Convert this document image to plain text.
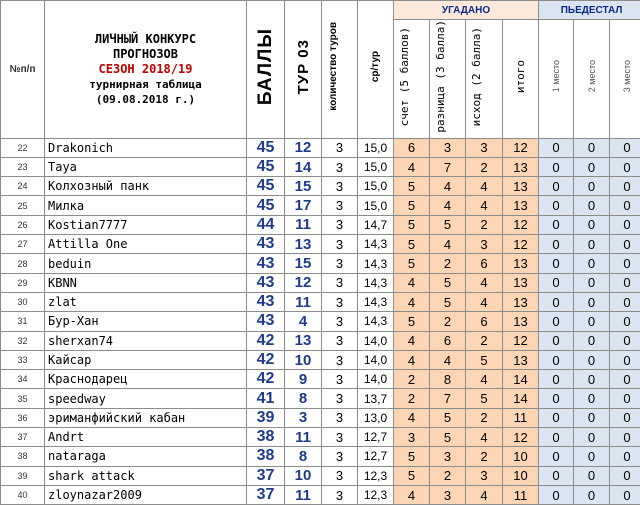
№п/п	ЛИЧНЫЙ КОНКУРС
ПРОГНОЗОВ
СЕЗОН 2018/19
турнирная таблица
(09.08.2018 г.)	БАЛЛЫ	ТУР 03	количество туров	ср/тур	УГАДАНО				ПЬЕДЕСТАЛ		
						счет (5 баллов)	разница (3 балла)	исход (2 балла)	итого	1 место	2 место	3 место
22	Drakonich	45	12	3	15,0	6	3	3	12	0	0	0
23	Taya	45	14	3	15,0	4	7	2	13	0	0	0
24	Колхозный панк	45	15	3	15,0	5	4	4	13	0	0	0
25	Милка	45	17	3	15,0	5	4	4	13	0	0	0
26	Kostian7777	44	11	3	14,7	5	5	2	12	0	0	0
27	Attilla One	43	13	3	14,3	5	4	3	12	0	0	0
28	beduin	43	15	3	14,3	5	2	6	13	0	0	0
29	KBNN	43	12	3	14,3	4	5	4	13	0	0	0
30	zlat	43	11	3	14,3	4	5	4	13	0	0	0
31	Бур-Хан	43	4	3	14,3	5	2	6	13	0	0	0
32	sherxan74	42	13	3	14,0	4	6	2	12	0	0	0
33	Кайсар	42	10	3	14,0	4	4	5	13	0	0	0
34	Краснодарец	42	9	3	14,0	2	8	4	14	0	0	0
35	speedway	41	8	3	13,7	2	7	5	14	0	0	0
36	эриманфийский кабан	39	3	3	13,0	4	5	2	11	0	0	0
37	Andrt	38	11	3	12,7	3	5	4	12	0	0	0
38	nataraga	38	8	3	12,7	5	3	2	10	0	0	0
39	shark attack	37	10	3	12,3	5	2	3	10	0	0	0
40	zloynazar2009	37	11	3	12,3	4	3	4	11	0	0	0
